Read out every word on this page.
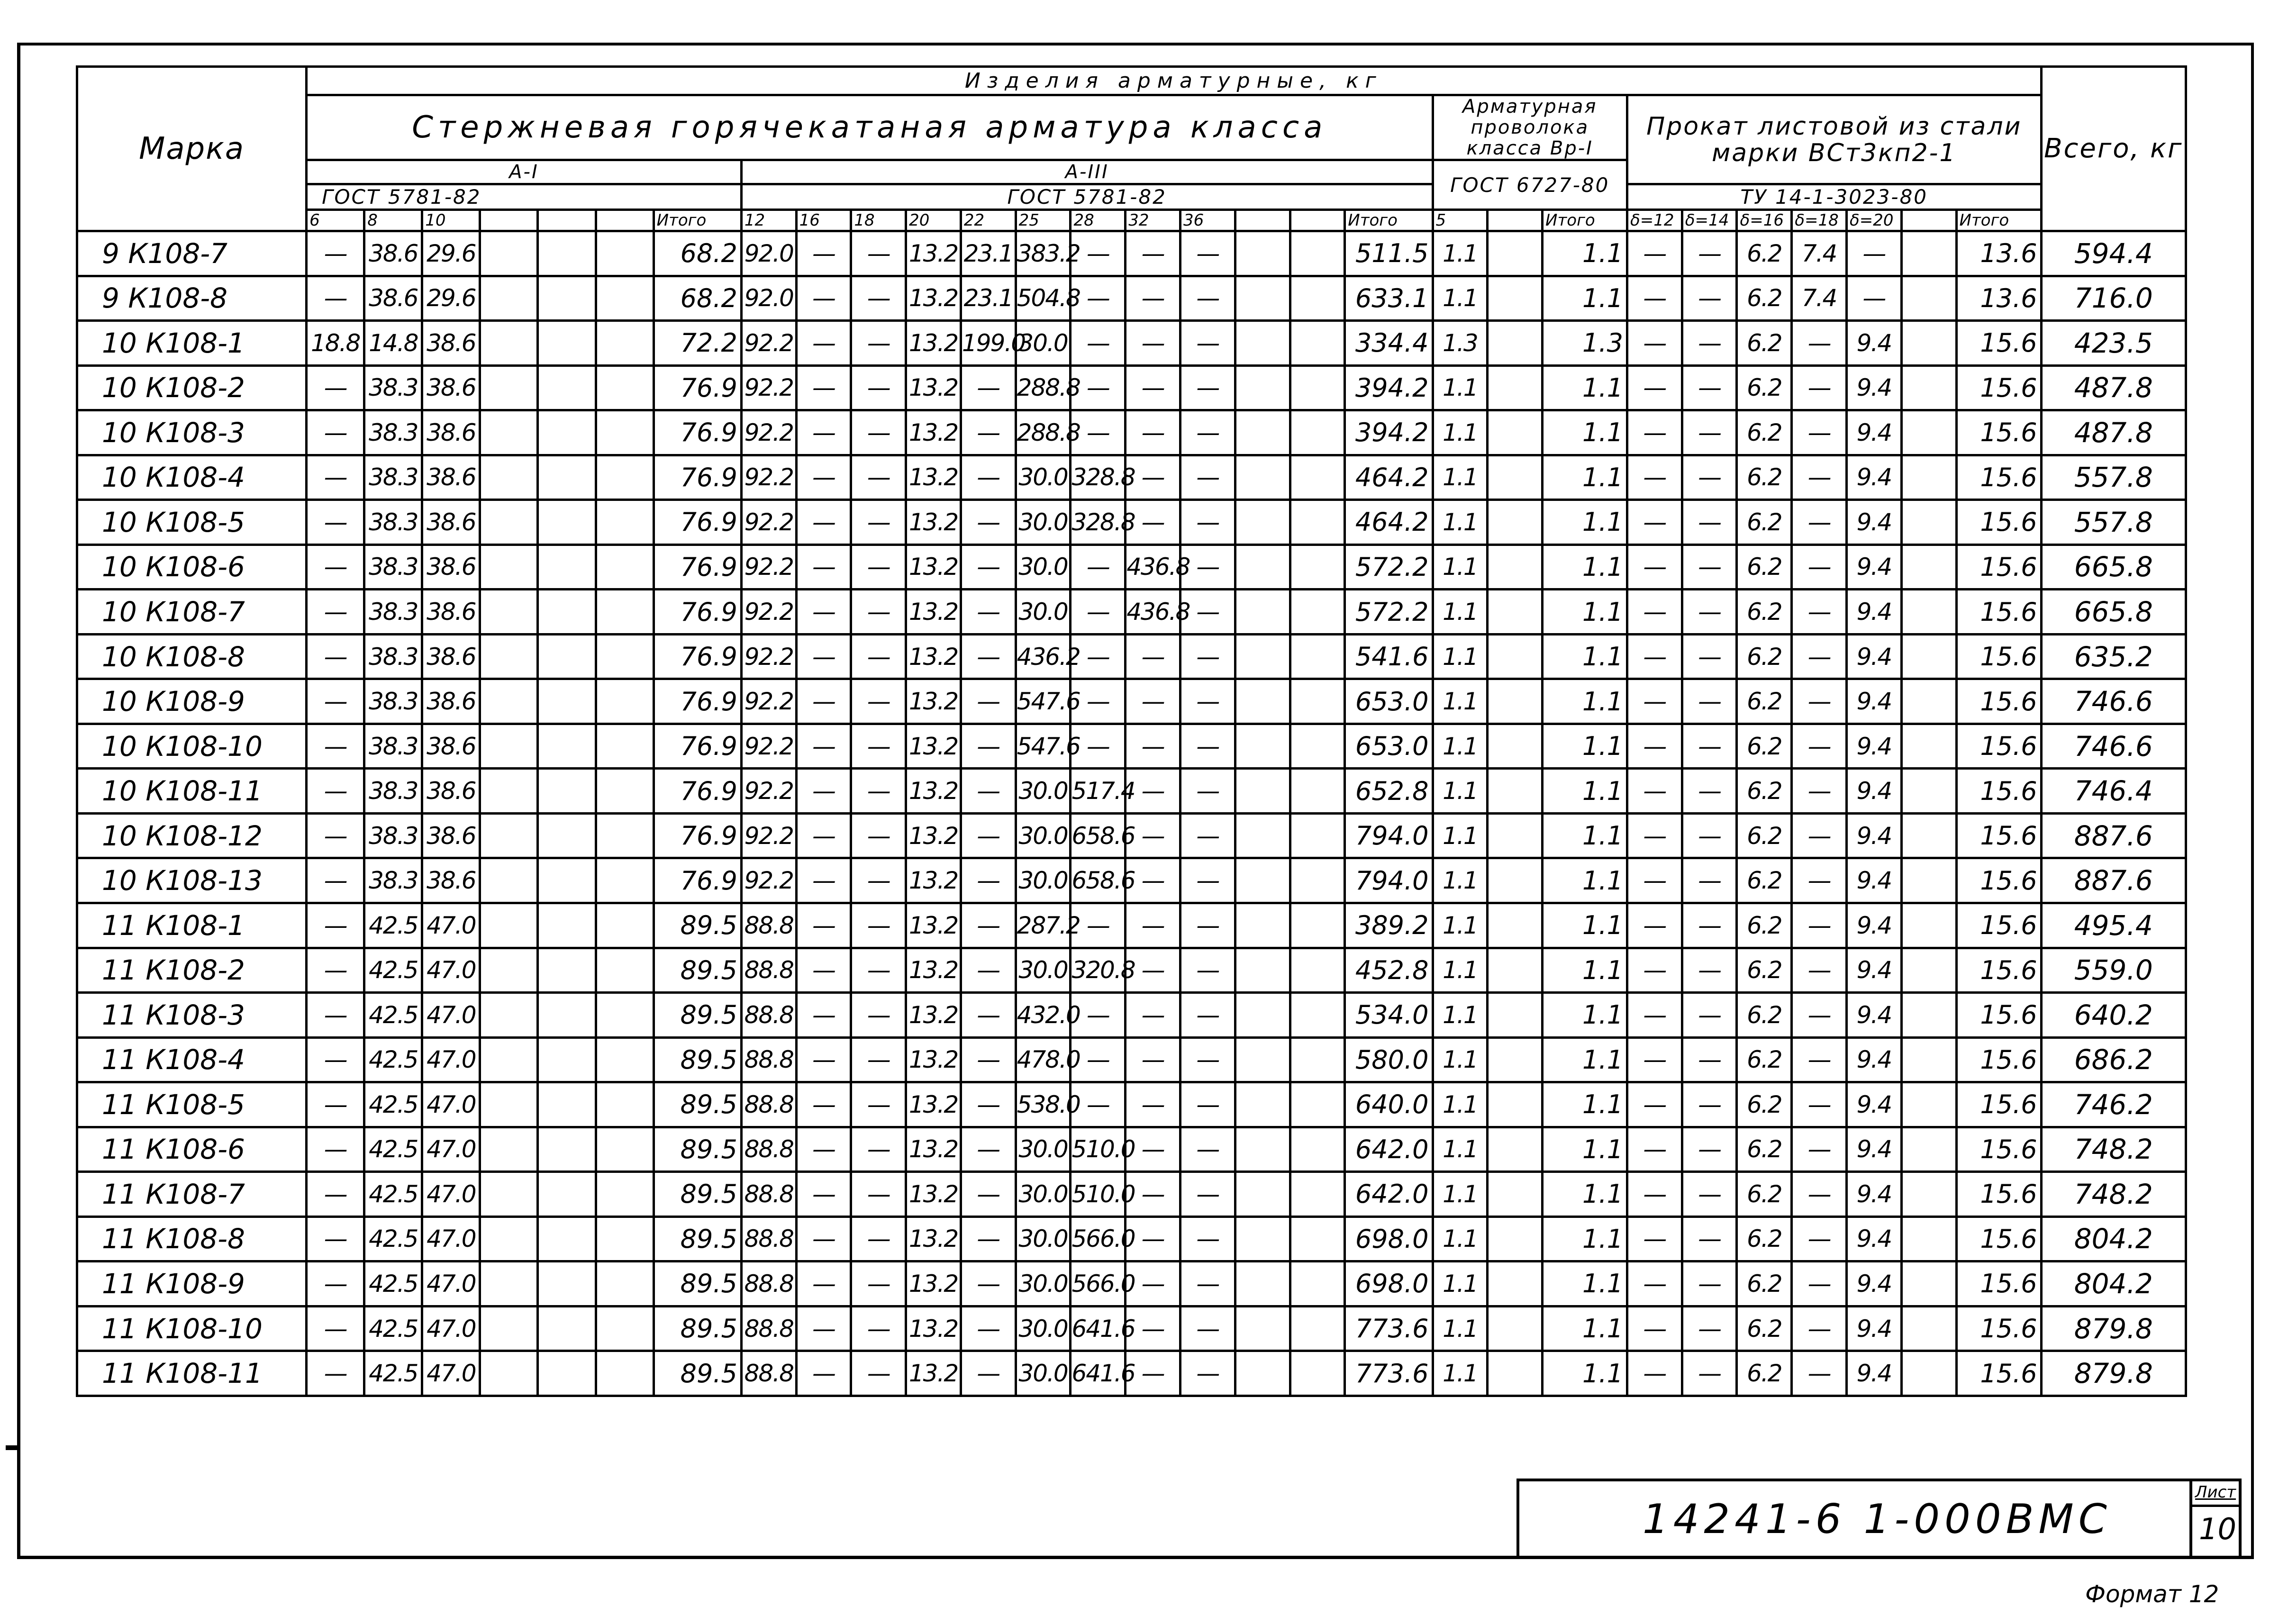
Марка	Изделия арматурные, кг																													Всего, кг
	Стержневая горячекатаная арматура класса																			Арматурная проволока класса Вр-I			Прокат листовой из стали марки ВСт3кп2-1							
	А-I							А-III												ГОСТ 6727-80										
	ГОСТ 5781-82							ГОСТ 5781-82															ТУ 14-1-3023-80							
	6	8	10				Итого	12	16	18	20	22	25	28	32	36			Итого	5		Итого	δ=12	δ=14	δ=16	δ=18	δ=20		Итого	
9 К108-7	—	38.6	29.6				68.2	92.0	—	—	13.2	23.1	383.2	—	—	—			511.5	1.1		1.1	—	—	6.2	7.4	—		13.6	594.4
9 К108-8	—	38.6	29.6				68.2	92.0	—	—	13.2	23.1	504.8	—	—	—			633.1	1.1		1.1	—	—	6.2	7.4	—		13.6	716.0
10 К108-1	18.8	14.8	38.6				72.2	92.2	—	—	13.2	199.0	30.0	—	—	—			334.4	1.3		1.3	—	—	6.2	—	9.4		15.6	423.5
10 К108-2	—	38.3	38.6				76.9	92.2	—	—	13.2	—	288.8	—	—	—			394.2	1.1		1.1	—	—	6.2	—	9.4		15.6	487.8
10 К108-3	—	38.3	38.6				76.9	92.2	—	—	13.2	—	288.8	—	—	—			394.2	1.1		1.1	—	—	6.2	—	9.4		15.6	487.8
10 К108-4	—	38.3	38.6				76.9	92.2	—	—	13.2	—	30.0	328.8	—	—			464.2	1.1		1.1	—	—	6.2	—	9.4		15.6	557.8
10 К108-5	—	38.3	38.6				76.9	92.2	—	—	13.2	—	30.0	328.8	—	—			464.2	1.1		1.1	—	—	6.2	—	9.4		15.6	557.8
10 К108-6	—	38.3	38.6				76.9	92.2	—	—	13.2	—	30.0	—	436.8	—			572.2	1.1		1.1	—	—	6.2	—	9.4		15.6	665.8
10 К108-7	—	38.3	38.6				76.9	92.2	—	—	13.2	—	30.0	—	436.8	—			572.2	1.1		1.1	—	—	6.2	—	9.4		15.6	665.8
10 К108-8	—	38.3	38.6				76.9	92.2	—	—	13.2	—	436.2	—	—	—			541.6	1.1		1.1	—	—	6.2	—	9.4		15.6	635.2
10 К108-9	—	38.3	38.6				76.9	92.2	—	—	13.2	—	547.6	—	—	—			653.0	1.1		1.1	—	—	6.2	—	9.4		15.6	746.6
10 К108-10	—	38.3	38.6				76.9	92.2	—	—	13.2	—	547.6	—	—	—			653.0	1.1		1.1	—	—	6.2	—	9.4		15.6	746.6
10 К108-11	—	38.3	38.6				76.9	92.2	—	—	13.2	—	30.0	517.4	—	—			652.8	1.1		1.1	—	—	6.2	—	9.4		15.6	746.4
10 К108-12	—	38.3	38.6				76.9	92.2	—	—	13.2	—	30.0	658.6	—	—			794.0	1.1		1.1	—	—	6.2	—	9.4		15.6	887.6
10 К108-13	—	38.3	38.6				76.9	92.2	—	—	13.2	—	30.0	658.6	—	—			794.0	1.1		1.1	—	—	6.2	—	9.4		15.6	887.6
11 К108-1	—	42.5	47.0				89.5	88.8	—	—	13.2	—	287.2	—	—	—			389.2	1.1		1.1	—	—	6.2	—	9.4		15.6	495.4
11 К108-2	—	42.5	47.0				89.5	88.8	—	—	13.2	—	30.0	320.8	—	—			452.8	1.1		1.1	—	—	6.2	—	9.4		15.6	559.0
11 К108-3	—	42.5	47.0				89.5	88.8	—	—	13.2	—	432.0	—	—	—			534.0	1.1		1.1	—	—	6.2	—	9.4		15.6	640.2
11 К108-4	—	42.5	47.0				89.5	88.8	—	—	13.2	—	478.0	—	—	—			580.0	1.1		1.1	—	—	6.2	—	9.4		15.6	686.2
11 К108-5	—	42.5	47.0				89.5	88.8	—	—	13.2	—	538.0	—	—	—			640.0	1.1		1.1	—	—	6.2	—	9.4		15.6	746.2
11 К108-6	—	42.5	47.0				89.5	88.8	—	—	13.2	—	30.0	510.0	—	—			642.0	1.1		1.1	—	—	6.2	—	9.4		15.6	748.2
11 К108-7	—	42.5	47.0				89.5	88.8	—	—	13.2	—	30.0	510.0	—	—			642.0	1.1		1.1	—	—	6.2	—	9.4		15.6	748.2
11 К108-8	—	42.5	47.0				89.5	88.8	—	—	13.2	—	30.0	566.0	—	—			698.0	1.1		1.1	—	—	6.2	—	9.4		15.6	804.2
11 К108-9	—	42.5	47.0				89.5	88.8	—	—	13.2	—	30.0	566.0	—	—			698.0	1.1		1.1	—	—	6.2	—	9.4		15.6	804.2
11 К108-10	—	42.5	47.0				89.5	88.8	—	—	13.2	—	30.0	641.6	—	—			773.6	1.1		1.1	—	—	6.2	—	9.4		15.6	879.8
11 К108-11	—	42.5	47.0				89.5	88.8	—	—	13.2	—	30.0	641.6	—	—			773.6	1.1		1.1	—	—	6.2	—	9.4		15.6	879.8
14241-6 1-000ВМС
Лист
10
Формат 12
